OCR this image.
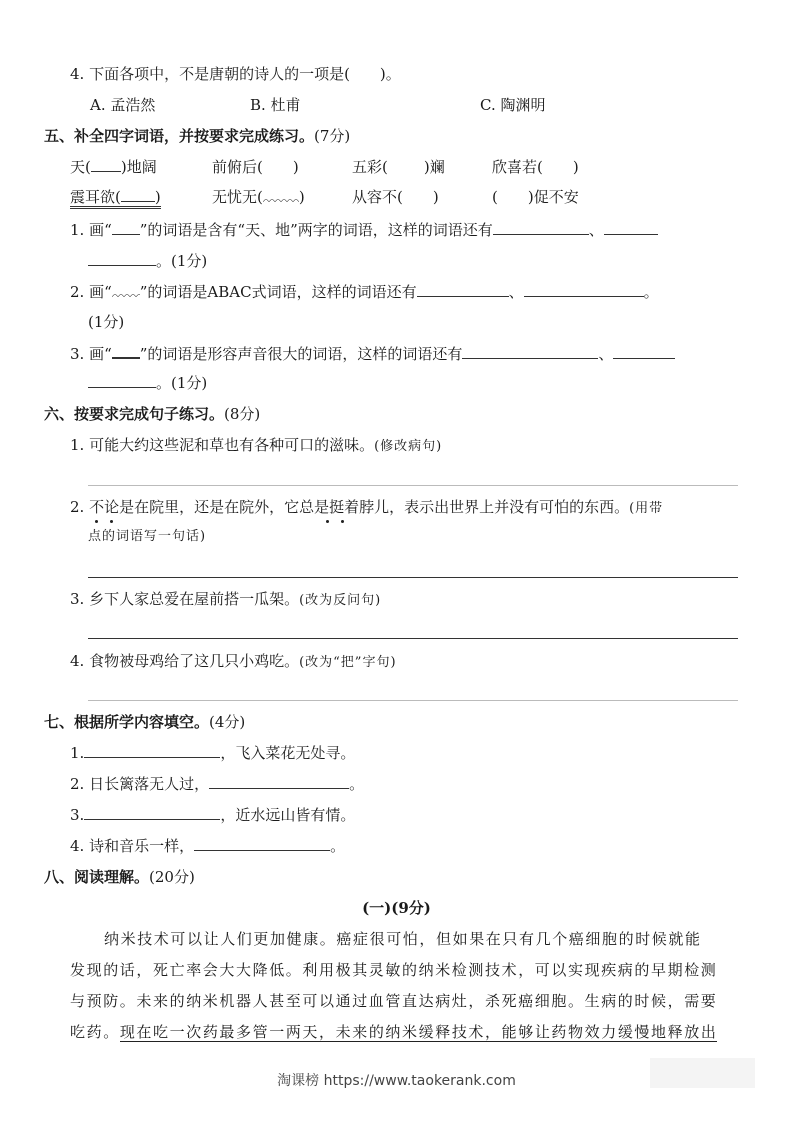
4. 下面各项中，不是唐朝的诗人的一项是(　　)。
A. 孟浩然	B. 杜甫	C. 陶渊明
五、补全四字词语，并按要求完成练习。(7分)
天( )地阔	前俯后(　　)	五彩( )斓	欣喜若(　　)
震耳欲( )	无忧无( )	从容不(　　)	(　　)促不安
1. 画“ ”的词语是含有“天、地”两字的词语，这样的词语还有	、
。(1分)
2. 画“ ”的词语是ABAC式词语，这样的词语还有	、	。
(1分)
3. 画“ ”的词语是形容声音很大的词语，这样的词语还有	、
。(1分)
六、按要求完成句子练习。(8分)
1. 可能大约这些泥和草也有各种可口的滋味。(修改病句)
2. 不论是在院里，还是在院外，它总是挺着脖儿，表示出世界上并没有可怕的东西。(用带
点的词语写一句话)
3. 乡下人家总爱在屋前搭一瓜架。(改为反问句)
4. 食物被母鸡给了这几只小鸡吃。(改为“把”字句)
七、根据所学内容填空。(4分)
1.	，飞入菜花无处寻。
2. 日长篱落无人过，	。
3.	，近水远山皆有情。
4. 诗和音乐一样，	。
八、阅读理解。(20分)
(一)(9分)

纳米技术可以让人们更加健康。癌症很可怕，但如果在只有几个癌细胞的时候就能

发现的话，死亡率会大大降低。利用极其灵敏的纳米检测技术，可以实现疾病的早期检测

与预防。未来的纳米机器人甚至可以通过血管直达病灶，杀死癌细胞。生病的时候，需要

吃药。现在吃一次药最多管一两天，未来的纳米缓释技术，能够让药物效力缓慢地释放出

淘课榜 https://www.taokerank.com
